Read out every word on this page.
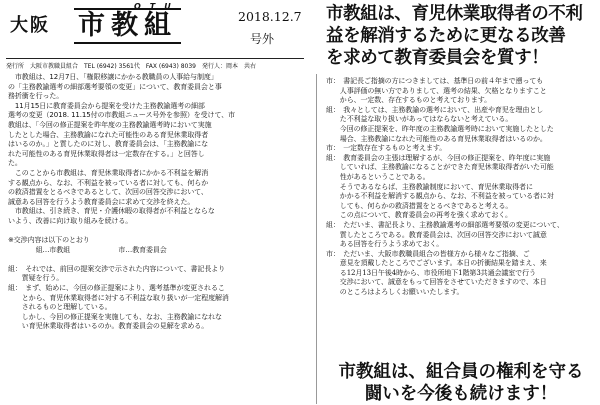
OTU
大阪 市教組	2018.12.7
号外
発行所　大阪市教職員組合　TEL (6942) 3561代　FAX (6943) 8039　発行人：岡本　共右
市教組は、育児休業取得者の不利
益を解消するために更なる改善
を求めて教育委員会を質す！

　市教組は、12月7日、「権限移譲にかかる教職員の人事給与制度」

の「主務教諭選考の細部選考要領の変更」について、教育委員会と事

務折衝を行った。

　11月15日に教育委員会から提案を受けた主務教諭選考の細部

選考の変更（2018. 11.15付の市教組ニュース号外を参照）を受けて、市

教組は、「今回の修正提案を昨年度の主務教諭選考時において実施

したとした場合、主務教諭になれた可能性のある育児休業取得者

はいるのか。」と質したのに対し、教育委員会は、「主務教諭にな

れた可能性のある育児休業取得者は一定数存在する。」と回答し

た。

　このことから市教組は、育児休業取得者にかかる不利益を解消

する観点から、なお、不利益を被っている者に対しても、何らか

の救済措置をとるべきであるとして、次回の回答交渉において、

誠意ある回答を行うよう教育委員会に求めて交渉を終えた。

　市教組は、引き続き、育児・介護休暇の取得者が不利益とならな

いよう、改善に向け取り組みを続ける。

※交渉内容は以下のとおり

　　　　組…市教組　　　　　　　市…教育委員会

組：　それでは、前回の提案交渉で示された内容について、書記長より

　　質疑を行う。

組：　まず、始めに、今回の修正提案により、選考基準が変更されるこ

　　とから、育児休業取得者に対する不利益な取り扱いが一定程度解消

　　されるものと理解している。

　　しかし、今回の修正提案を実施しても、なお、主務教諭になれな

　　い育児休業取得者はいるのか。教育委員会の見解を求める。

市：　書記長ご指摘の方につきましては、基準日の前４年まで遡っても

　　人事評価の無い方でありまして、選考の結果、欠格となりますこと

　　から、一定数、存在するものと考えております。

組：　我々としては、主務教諭の選考において、出産や育児を理由とし

　　た不利益な取り扱いがあってはならないと考えている。

　　今回の修正提案を、昨年度の主務教諭選考時において実施したとした

　　場合、主務教諭になれた可能性のある育児休業取得者はいるのか。

市：　一定数存在するものと考えます。

組：　教育委員会の主張は理解するが、今回の修正提案を、昨年度に実施

　　していれば、主務教諭になることができた育児休業取得者がいた可能

　　性があるということである。

　　そうであるならば、主務教諭制度において、育児休業取得者に

　　かかる不利益を解消する観点から、なお、不利益を被っている者に対

　　しても、何らかの救済措置をとるべきであると考える。

　　この点について、教育委員会の再考を強く求めておく。

組：　ただいま、書記長より、主務教諭選考の細部選考要領の変更について、

　　質したところである。教育委員会は、次回の回答交渉において誠意

　　ある回答を行うよう求めておく。

市：　ただいま、大阪市教職員組合の皆様方から様々なご指摘、ご

　　意見を頂戴したところでございます。本日の折衝結果を踏まえ、来

　　る12月13日午後4時から、市役所地下1階第3共通会議室で行う

　　交渉において、誠意をもって回答をさせていただきますので、本日

　　のところはよろしくお願いいたします。

市教組は、組合員の権利を守る
闘いを今後も続けます！
